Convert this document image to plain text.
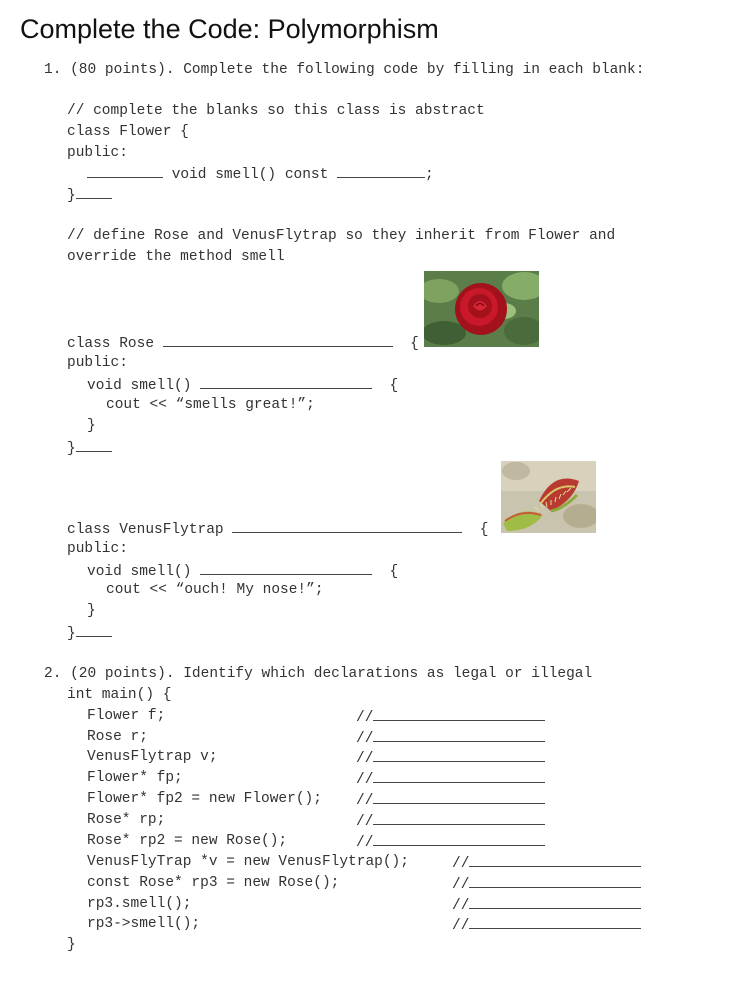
Complete the Code: Polymorphism
1. (80 points). Complete the following code by filling in each blank:
// complete the blanks so this class is abstract
class Flower {
public:
void smell() const	;
}
// define Rose and VenusFlytrap so they inherit from Flower and
override the method smell
class Rose	{
public:
void smell()	{
cout << “smells great!”;
}
}
class VenusFlytrap	{
public:
void smell()	{
cout << “ouch! My nose!”;
}
}
2. (20 points). Identify which declarations as legal or illegal
int main() {
Flower f;	//
Rose r;	//
VenusFlytrap v;	//
Flower* fp;	//
Flower* fp2 = new Flower(); //
Rose* rp;	//
Rose* rp2 = new Rose();	//
VenusFlyTrap *v = new VenusFlytrap();	//
const Rose* rp3 = new Rose();	//
rp3.smell();	//
rp3->smell();	//
}
